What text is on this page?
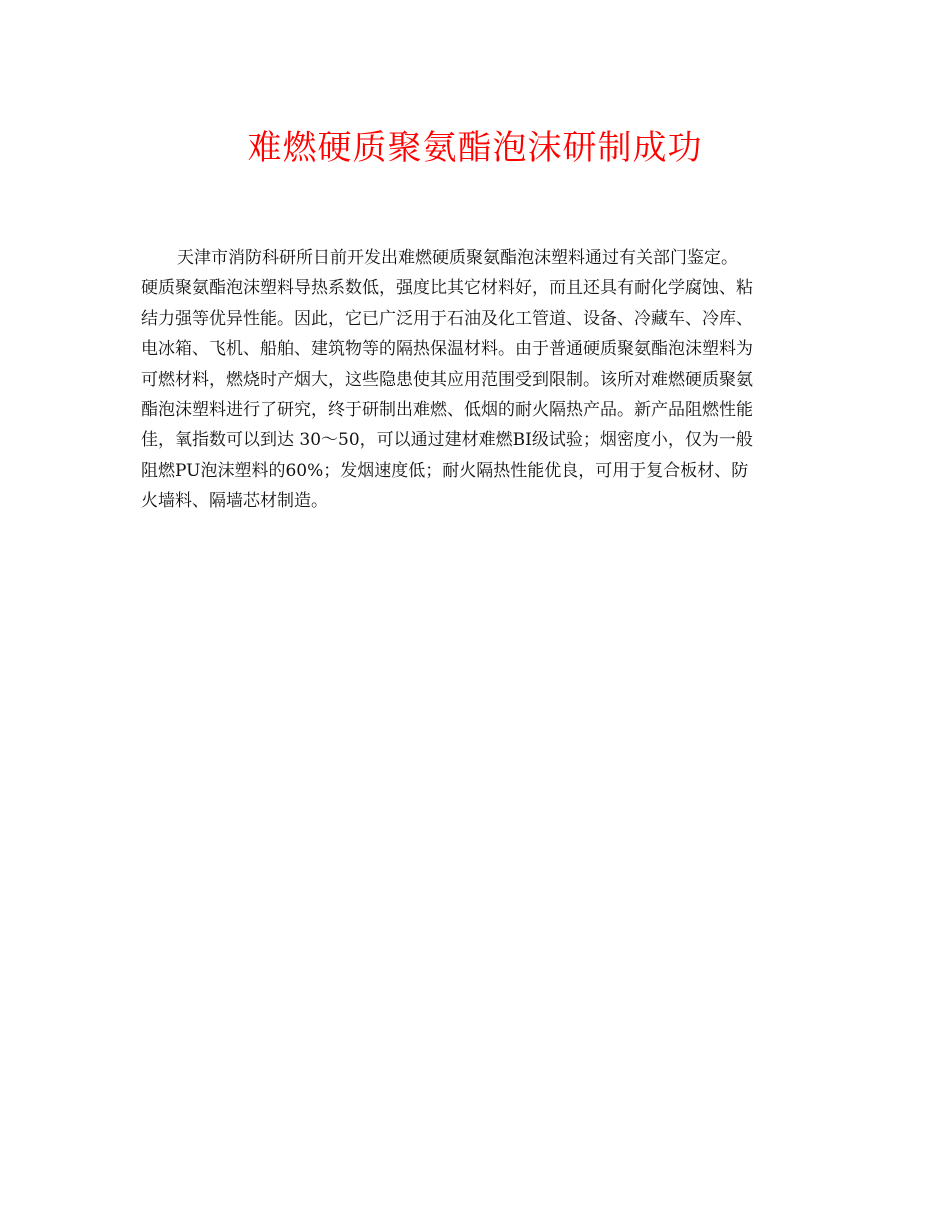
难燃硬质聚氨酯泡沫研制成功
天津市消防科研所日前开发出难燃硬质聚氨酯泡沫塑料通过有关部门鉴定。
硬质聚氨酯泡沫塑料导热系数低，强度比其它材料好，而且还具有耐化学腐蚀、粘
结力强等优异性能。因此，它已广泛用于石油及化工管道、设备、冷藏车、冷库、
电冰箱、飞机、船舶、建筑物等的隔热保温材料。由于普通硬质聚氨酯泡沫塑料为
可燃材料，燃烧时产烟大，这些隐患使其应用范围受到限制。该所对难燃硬质聚氨
酯泡沫塑料进行了研究，终于研制出难燃、低烟的耐火隔热产品。新产品阻燃性能
佳，氧指数可以到达 30～50，可以通过建材难燃BI级试验；烟密度小，仅为一般
阻燃PU泡沫塑料的60%；发烟速度低；耐火隔热性能优良，可用于复合板材、防
火墙料、隔墙芯材制造。
